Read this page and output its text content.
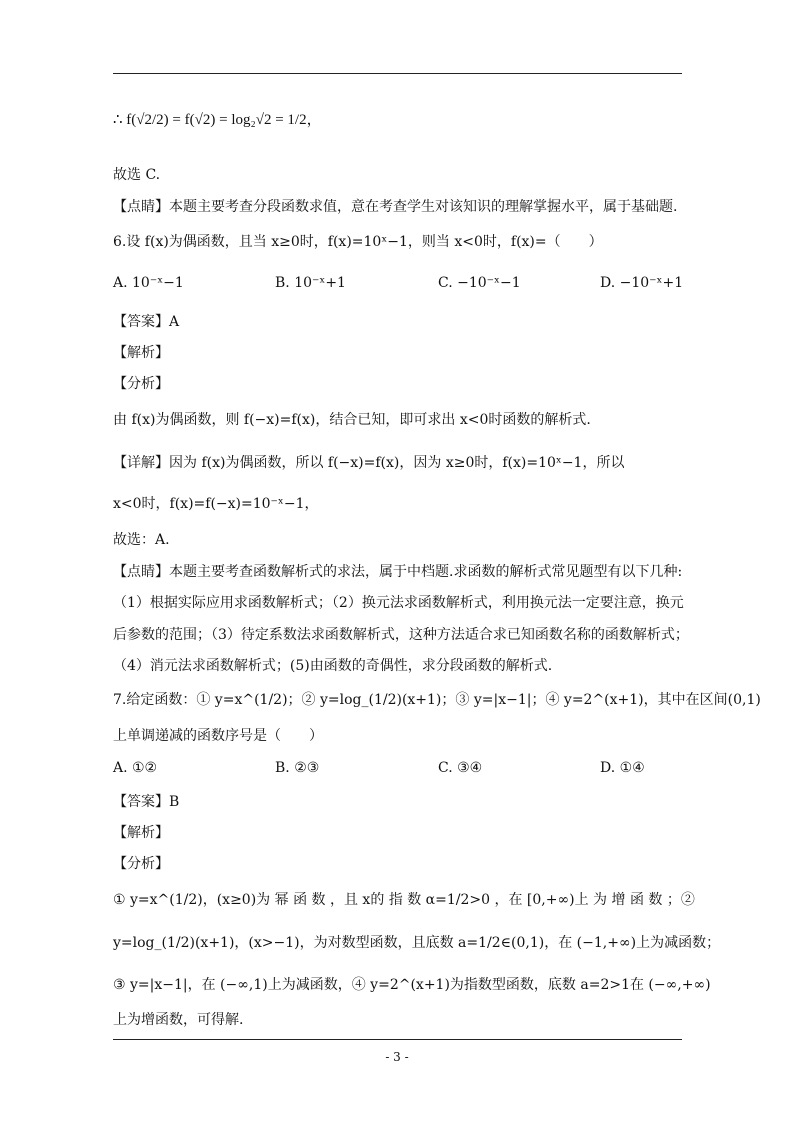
∴ f(√2/2) = f(√2) = log₂√2 = 1/2，
故选 C.
【点睛】本题主要考查分段函数求值，意在考查学生对该知识的理解掌握水平，属于基础题.
6.设 f(x)为偶函数，且当 x≥0时，f(x)=10ˣ−1，则当 x<0时，f(x)=（　　）
A. 10⁻ˣ−1	B. 10⁻ˣ+1	C. −10⁻ˣ−1	D. −10⁻ˣ+1
【答案】A
【解析】
【分析】
由 f(x)为偶函数，则 f(−x)=f(x)，结合已知，即可求出 x<0时函数的解析式.
【详解】因为 f(x)为偶函数，所以 f(−x)=f(x)，因为 x≥0时，f(x)=10ˣ−1，所以
x<0时，f(x)=f(−x)=10⁻ˣ−1，
故选：A.
【点睛】本题主要考查函数解析式的求法，属于中档题.求函数的解析式常见题型有以下几种:
（1）根据实际应用求函数解析式；（2）换元法求函数解析式，利用换元法一定要注意，换元
后参数的范围；（3）待定系数法求函数解析式，这种方法适合求已知函数名称的函数解析式；
（4）消元法求函数解析式；(5)由函数的奇偶性，求分段函数的解析式.
7.给定函数：① y=x^(1/2)；② y=log_(1/2)(x+1)；③ y=|x−1|；④ y=2^(x+1)，其中在区间(0,1)
上单调递减的函数序号是（　　）
A. ①②	B. ②③	C. ③④	D. ①④
【答案】B
【解析】
【分析】
① y=x^(1/2)，(x≥0)为 幂 函 数 ，且 x的 指 数 α=1/2>0 ，在 [0,+∞)上 为 增 函 数 ；②
y=log_(1/2)(x+1)，(x>−1)，为对数型函数，且底数 a=1/2∈(0,1)，在 (−1,+∞)上为减函数；
③ y=|x−1|，在 (−∞,1)上为减函数，④ y=2^(x+1)为指数型函数，底数 a=2>1在 (−∞,+∞)
上为增函数，可得解.
- 3 -
